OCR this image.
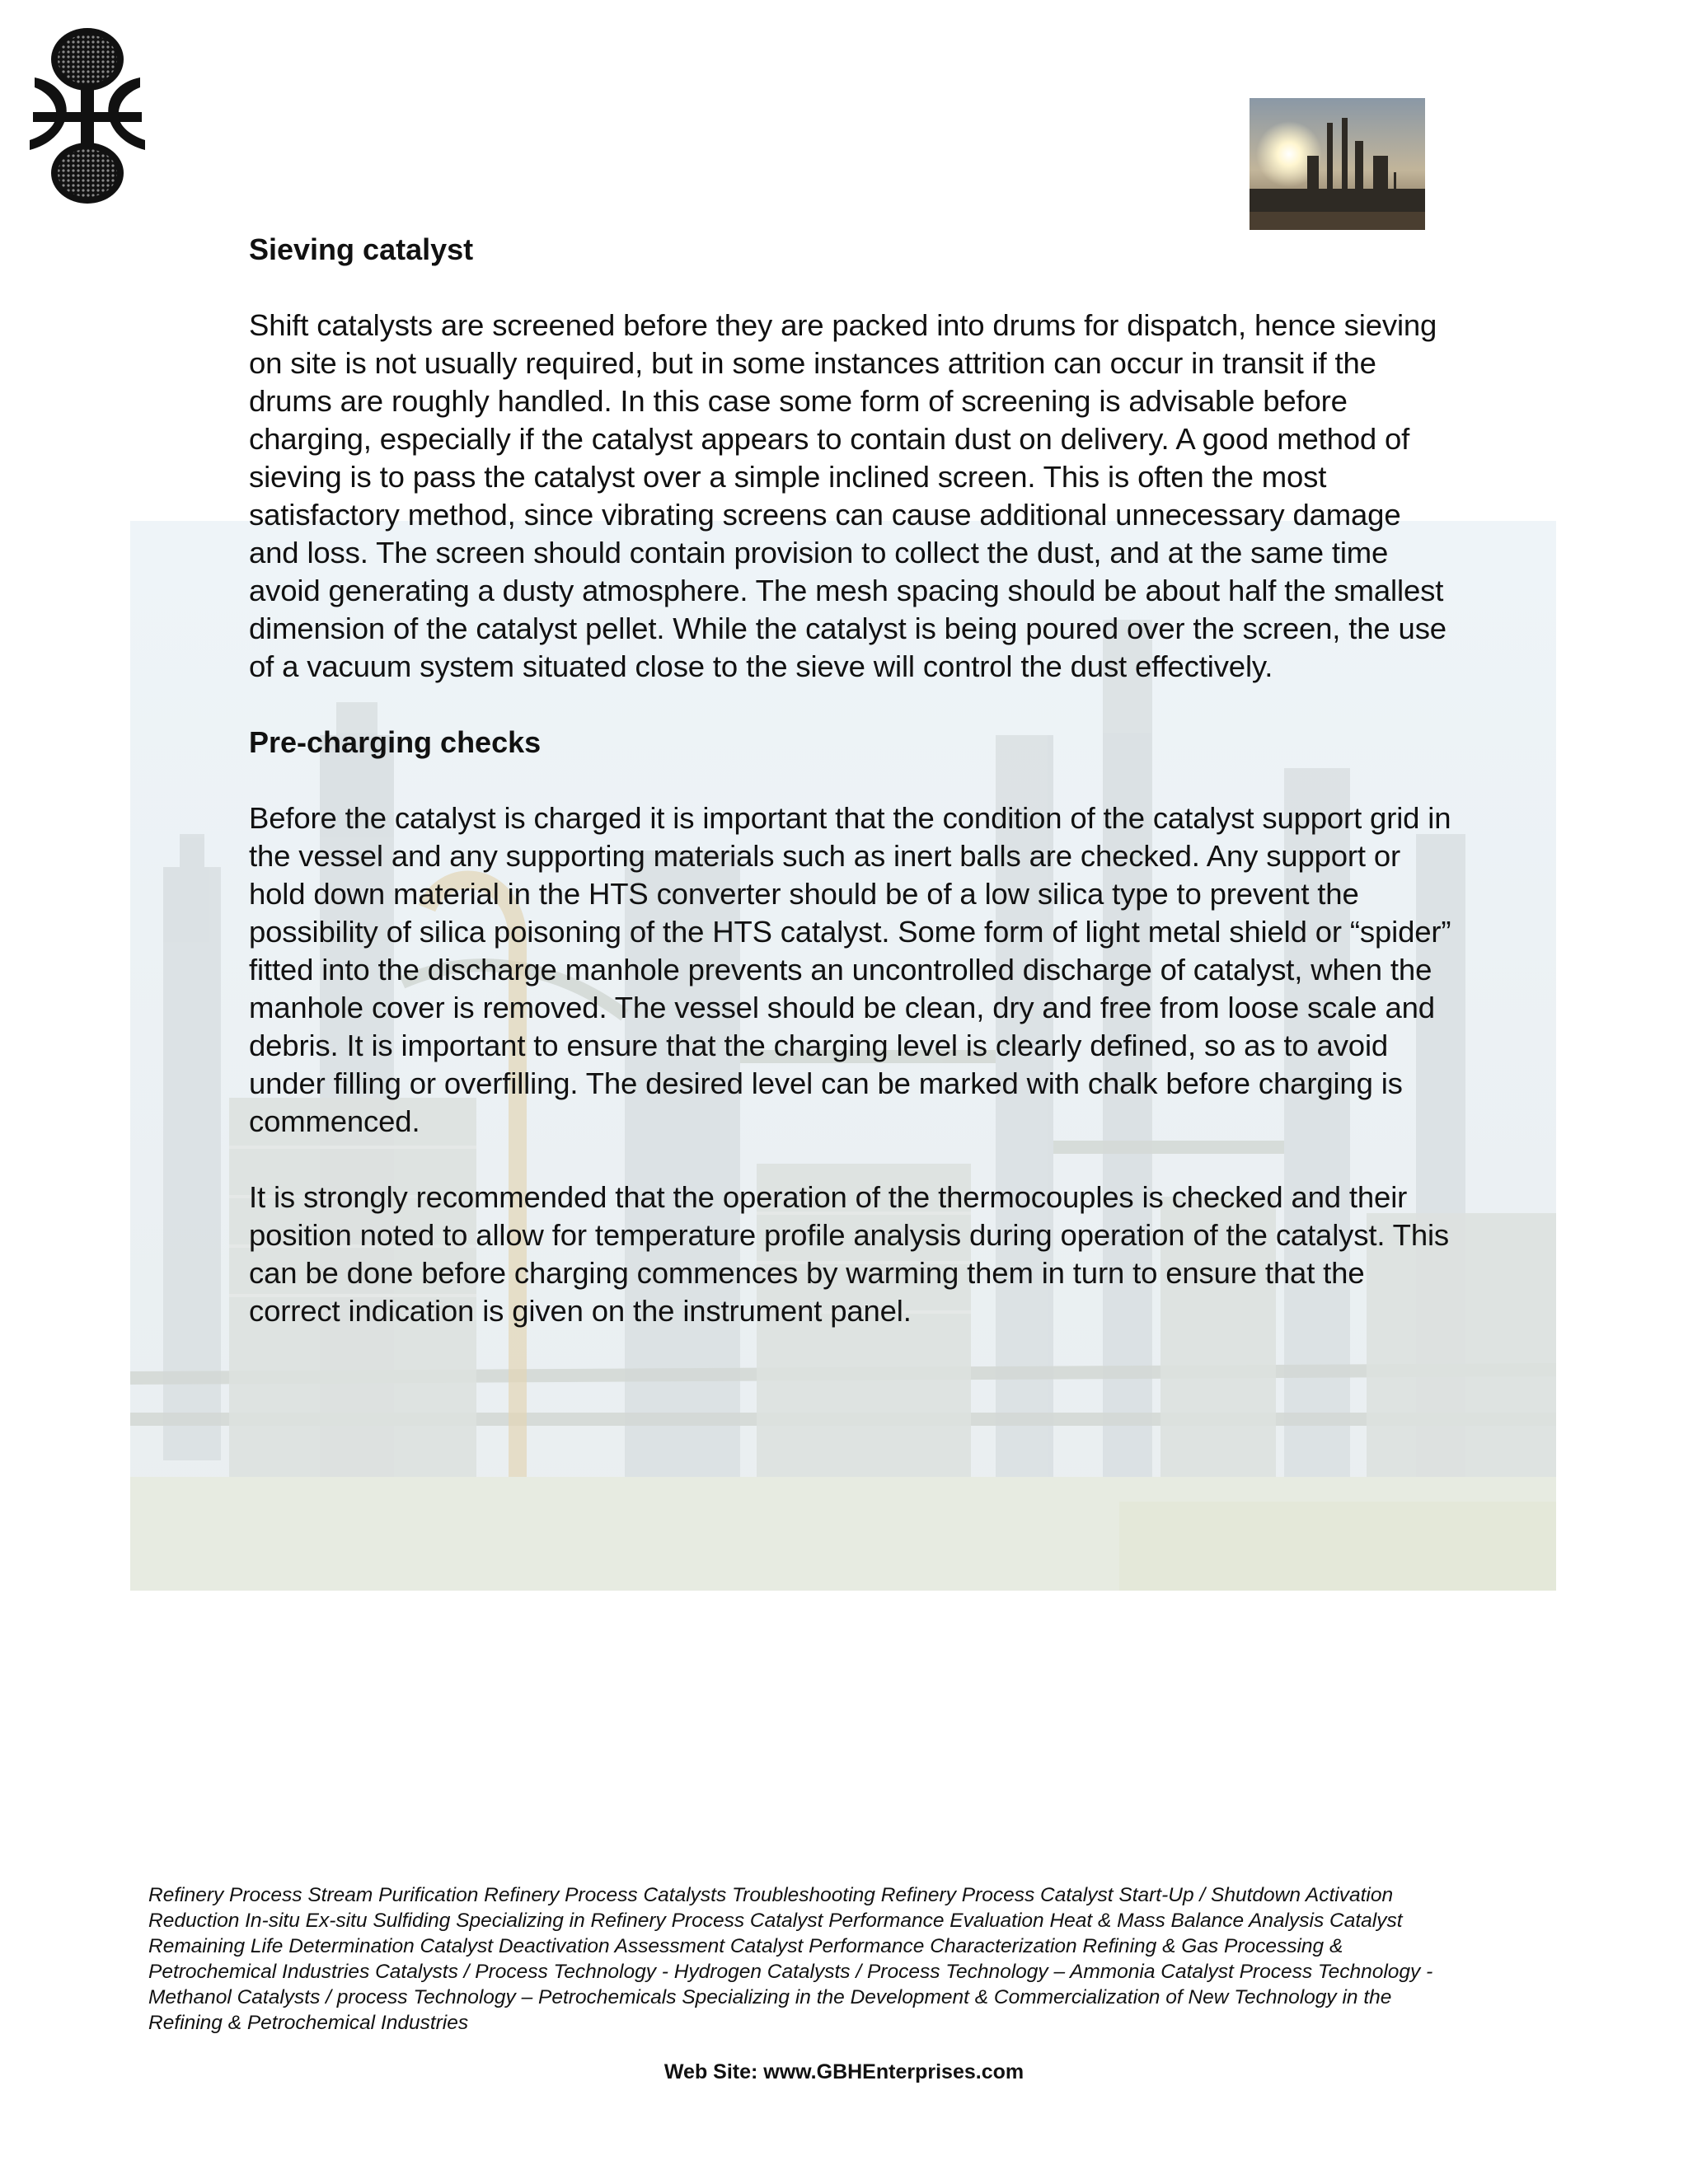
Sieving catalyst

Shift catalysts are screened before they are packed into drums for dispatch, hence sieving on site is not usually required, but in some instances attrition can occur in transit if the drums are roughly handled. In this case some form of screening is advisable before charging, especially if the catalyst appears to contain dust on delivery. A good method of sieving is to pass the catalyst over a simple inclined screen. This is often the most satisfactory method, since vibrating screens can cause additional unnecessary damage and loss. The screen should contain provision to collect the dust, and at the same time avoid generating a dusty atmosphere. The mesh spacing should be about half the smallest dimension of the catalyst pellet. While the catalyst is being poured over the screen, the use of a vacuum system situated close to the sieve will control the dust effectively.

Pre-charging checks

Before the catalyst is charged it is important that the condition of the catalyst support grid in the vessel and any supporting materials such as inert balls are checked. Any support or hold down material in the HTS converter should be of a low silica type to prevent the possibility of silica poisoning of the HTS catalyst. Some form of light metal shield or “spider” fitted into the discharge manhole prevents an uncontrolled discharge of catalyst, when the manhole cover is removed. The vessel should be clean, dry and free from loose scale and debris. It is important to ensure that the charging level is clearly defined, so as to avoid under filling or overfilling. The desired level can be marked with chalk before charging is commenced.

It is strongly recommended that the operation of the thermocouples is checked and their position noted to allow for temperature profile analysis during operation of the catalyst. This can be done before charging commences by warming them in turn to ensure that the correct indication is given on the instrument panel.

Refinery Process Stream Purification Refinery Process Catalysts Troubleshooting Refinery Process Catalyst Start-Up / Shutdown Activation Reduction In-situ Ex-situ Sulfiding Specializing in Refinery Process Catalyst Performance Evaluation Heat & Mass Balance Analysis Catalyst Remaining Life Determination Catalyst Deactivation Assessment Catalyst Performance Characterization Refining & Gas Processing & Petrochemical Industries Catalysts / Process Technology - Hydrogen Catalysts / Process Technology – Ammonia Catalyst Process Technology - Methanol Catalysts / process Technology – Petrochemicals Specializing in the Development & Commercialization of New Technology in the Refining & Petrochemical Industries
Web Site: www.GBHEnterprises.com
